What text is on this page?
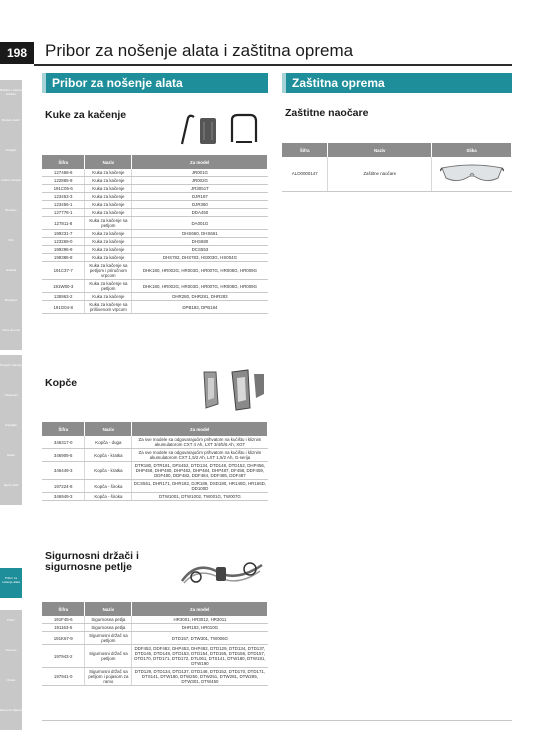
Bušilice i udarne bušilice
Bušaće čekić
Odvijači
Udarni odvijači
Brusilice
Pile
Glodala
Blanjalice
Vrtna oprema
Punjači i baterije
Usisavači
Svjetiljke
Radio
Mjerni alati
Pribor za nošenje alata
Pribor
Oprema
Ostalo
Rezervni dijelovi
198	Pribor za nošenje alata i zaštitna oprema
Pribor za nošenje alata
Kuke za kačenje
Šifra	Naziv	Za model
127468-6	Kuka za kačenje	JR001G
122865-9	Kuka za kačenje	JR002G
191C05-6	Kuka za kačenje	JR3051T
123453-3	Kuka za kačenje	DJR187
123456-1	Kuka za kačenje	DJR360
127778-1	Kuka za kačenje	DDA450
127811-8	Kuka za kačenje sa petljom	DA001G
199231-7	Kuka za kačenje	DHS660, DHS661
123269-0	Kuka za kačenje	DHS680
199296-9	Kuka za kačenje	DCS553
199386-8	Kuka za kačenje	DHS782, DHS783, HS003G, HS004G
191C37-7	Kuka za kačenje sa petljom i priručnom vrpcom	DHK180, HR002G, HR003G, HR007G, HR008G, HR009G
191W80-3	Kuka za kačenje sa petljom	DHK180, HR002G, HR003G, HR007G, HR008G, HR009G
135963-2	Kuka za kačenje	DHR280, DHR281, DHR283
191G04-8	Kuka za kačenje sa prišivenom vrpcom	DPB183, DPB184
Kopče
Šifra	Naziv	Za model
346317-0	Kopča - duga	Za sve modele sa odgovarajućim prihvatom na kućištu i kliznim akumulatorom CXT 4 Ah, LXT 3/4/5/6 Ah, XGT
346909-5	Kopča - kratka	Za sve modele sa odgovarajućim prihvatom na kućištu i kliznim akumulatorom CXT 1,5/2 Ah, LXT 1,5/2 Ah, G-serija
346449-3	Kopča - kratka	DTR180, DTR181, DFS452, DTD134, DTD148, DTD152, DHP456, DHP458, DHP480, DHP482, DHP484, DHP487, DF458, DDF459, DDF480, DDF482, DDF484, DDF485, DDF487
197224-8	Kopča - široka	DCS551, DHR171, DHR182, DJR189, DSD180, HR140D, HR166D, DD100D
346949-3	Kopča - široka	DTW1001, DTW1002, TW001G, TW007G
Sigurnosni držači i sigurnosne petlje
Šifra	Naziv	Za model
191F45-6	Sigurnosna petlja	HR3001, HR3012, HR3011
191163-5	Sigurnosna petlja	DHR183, HR010G
191K67-9	Sigurnosni držač sa petljom	DTD157, DTW301, TW006G
197943-2	Sigurnosni držač sa petljom	DDF453, DDF482, DHP453, DHP482, DTD129, DTD134, DTD137, DTD146, DTD148, DTD153, DTD154, DTD155, DTD156, DTD157, DTD170, DTD171, DTD172, DTL061, DTS141, DTW180, DTW181, DTW190
197941-0	Sigurnosni držač sa petljom i pojasom za ramo	DTD129, DTD134, DTD137, DTD148, DTD152, DTD170, DTD171, DTS141, DTW180, DTW250, DTW251, DTW281, DTW285, DTW301, DTW450
Zaštitna oprema
Zaštitne naočare
Šifra	Naziv	Slika
ALO0000147	Zaštitne naočare	
